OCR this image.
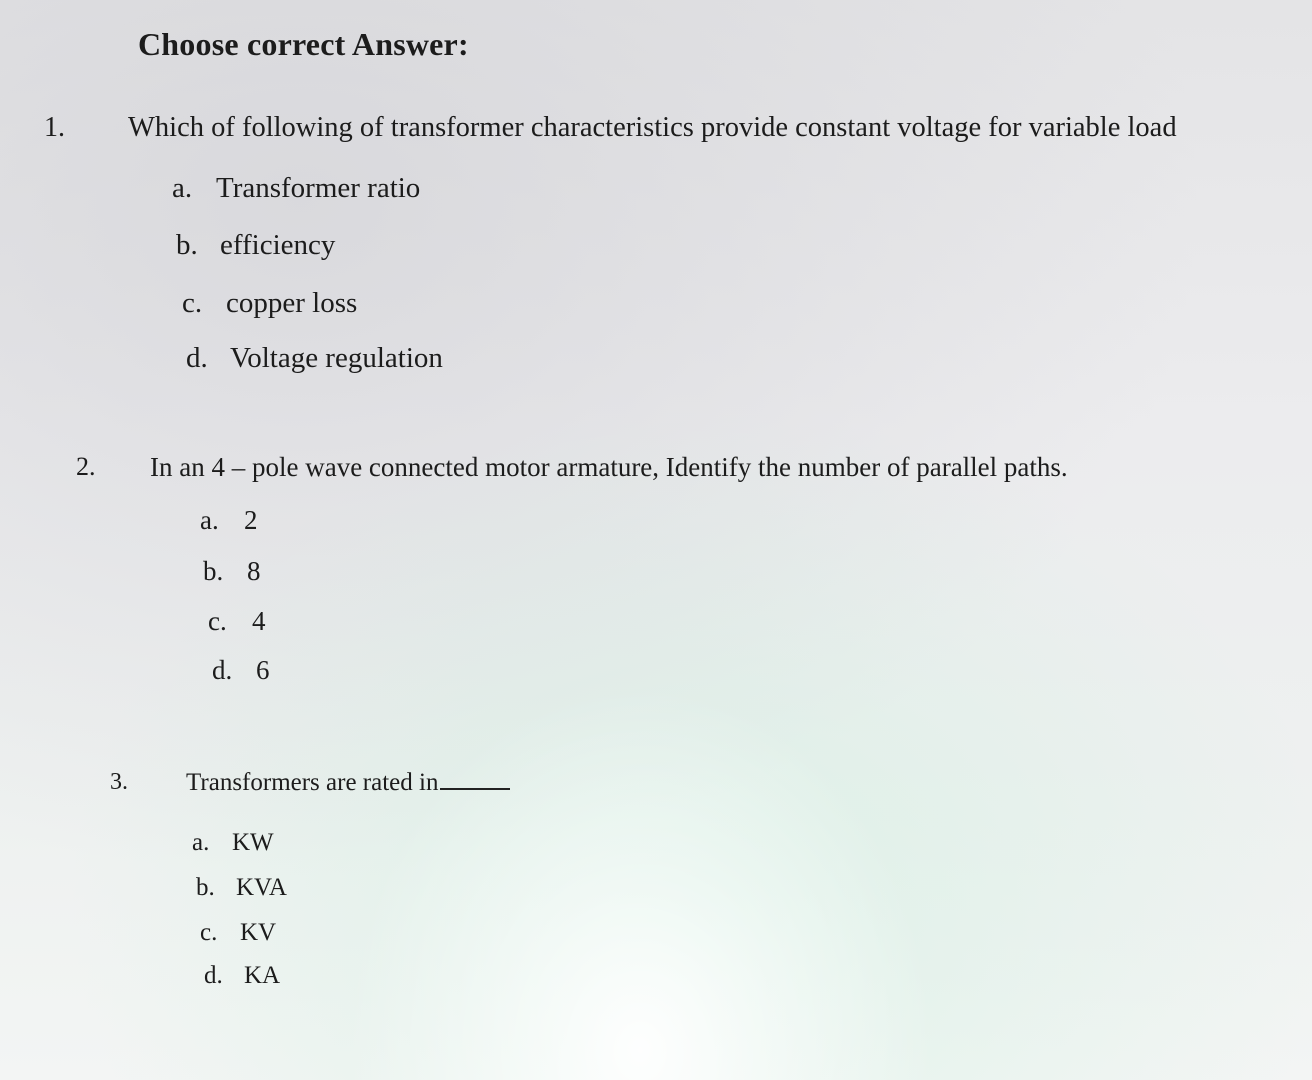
Choose correct Answer:
1. Which of following of transformer characteristics provide constant voltage for variable load
a. Transformer ratio
b. efficiency
c. copper loss
d. Voltage regulation
2. In an 4 – pole wave connected motor armature, Identify the number of parallel paths.
a. 2
b. 8
c. 4
d. 6
3. Transformers are rated in
a. KW
b. KVA
c. KV
d. KA
